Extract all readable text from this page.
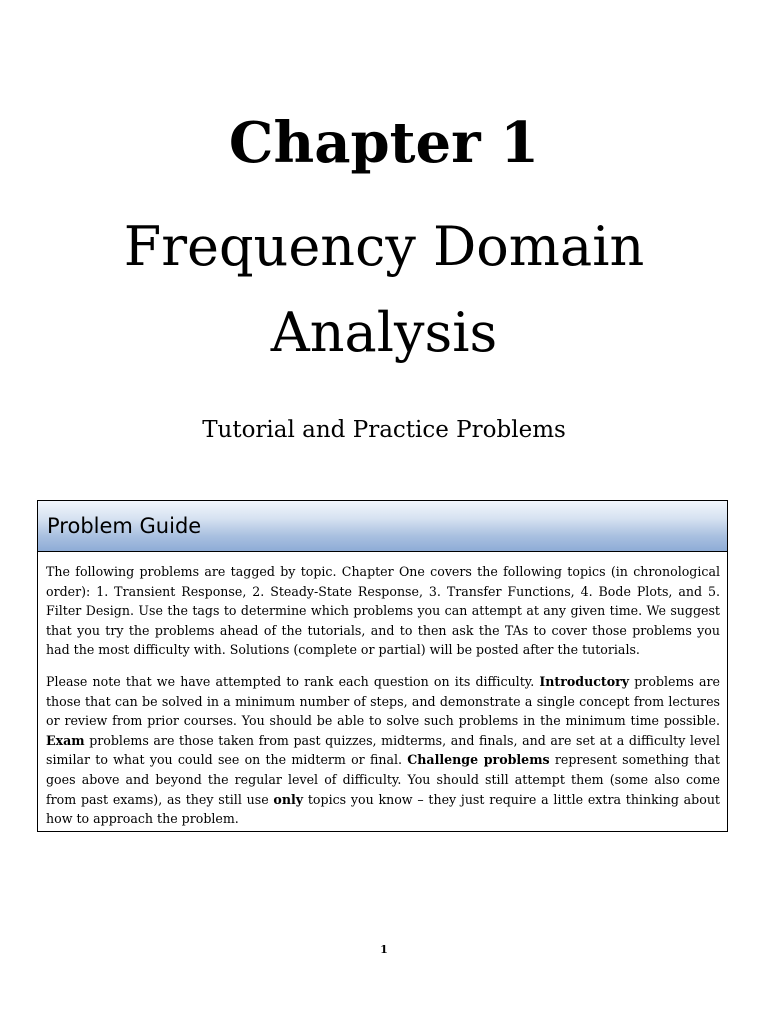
Chapter 1
Frequency Domain
Analysis
Tutorial and Practice Problems
Problem Guide

The following problems are tagged by topic. Chapter One covers the following topics (in chronological order): 1. Transient Response, 2. Steady-State Response, 3. Transfer Functions, 4. Bode Plots, and 5. Filter Design. Use the tags to determine which problems you can attempt at any given time. We suggest that you try the problems ahead of the tutorials, and to then ask the TAs to cover those problems you had the most difficulty with. Solutions (complete or partial) will be posted after the tutorials.

Please note that we have attempted to rank each question on its difficulty. Introductory problems are those that can be solved in a minimum number of steps, and demonstrate a single concept from lectures or review from prior courses. You should be able to solve such problems in the minimum time possible. Exam problems are those taken from past quizzes, midterms, and finals, and are set at a difficulty level similar to what you could see on the midterm or final. Challenge problems represent something that goes above and beyond the regular level of difficulty. You should still attempt them (some also come from past exams), as they still use only topics you know – they just require a little extra thinking about how to approach the problem.

1
